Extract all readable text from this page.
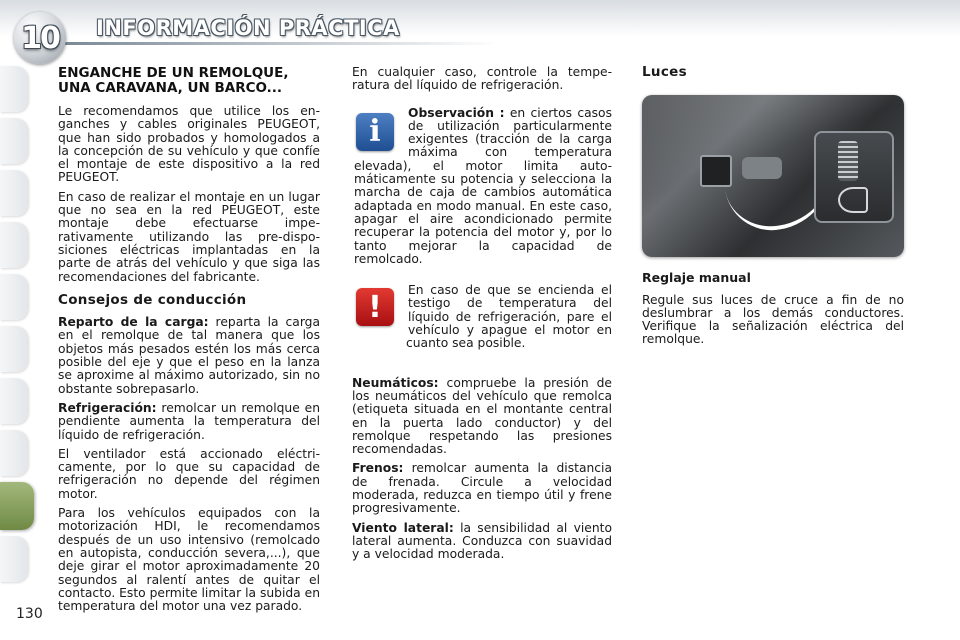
10 INFORMACIÓN PRÁCTICA
130
ENGANCHE DE UN REMOLQUE, UNA CARAVANA, UN BARCO...

Le recomendamos que utilice los enganches y cables originales PEUGEOT, que han sido probados y homologados a la concepción de su vehículo y que confíe el montaje de este dispositivo a la red PEUGEOT.

En caso de realizar el montaje en un lugar que no sea en la red PEUGEOT, este montaje debe efectuarse imperativamente utilizando las pre-disposiciones eléctricas implantadas en la parte de atrás del vehículo y que siga las recomendaciones del fabricante.

Consejos de conducción

Reparto de la carga: reparta la carga en el remolque de tal manera que los objetos más pesados estén los más cerca posible del eje y que el peso en la lanza se aproxime al máximo autorizado, sin no obstante sobrepasarlo.

Refrigeración: remolcar un remolque en pendiente aumenta la temperatura del líquido de refrigeración.

El ventilador está accionado eléctricamente, por lo que su capacidad de refrigeración no depende del régimen motor.

Para los vehículos equipados con la motorización HDI, le recomendamos después de un uso intensivo (remolcado en autopista, conducción severa,...), que deje girar el motor aproximadamente 20 segundos al ralentí antes de quitar el contacto. Esto permite limitar la subida en temperatura del motor una vez parado.

En cualquier caso, controle la temperatura del líquido de refrigeración.

i

Observación : en ciertos casos de utilización particularmente exigentes (tracción de la carga máxima con temperatura elevada), el motor limita automáticamente su potencia y selecciona la marcha de caja de cambios automática adaptada en modo manual. En este caso, apagar el aire acondicionado permite recuperar la potencia del motor y, por lo tanto mejorar la capacidad de remolcado.

!	En caso de que se encienda el testigo de temperatura del líquido de refrigeración, pare el vehículo y apague el motor en cuanto sea posible.

Neumáticos: compruebe la presión de los neumáticos del vehículo que remolca (etiqueta situada en el montante central en la puerta lado conductor) y del remolque respetando las presiones recomendadas.

Frenos: remolcar aumenta la distancia de frenada. Circule a velocidad moderada, reduzca en tiempo útil y frene progresivamente.

Viento lateral: la sensibilidad al viento lateral aumenta. Conduzca con suavidad y a velocidad moderada.

Luces
Reglaje manual

Regule sus luces de cruce a fin de no deslumbrar a los demás conductores. Verifique la señalización eléctrica del remolque.
